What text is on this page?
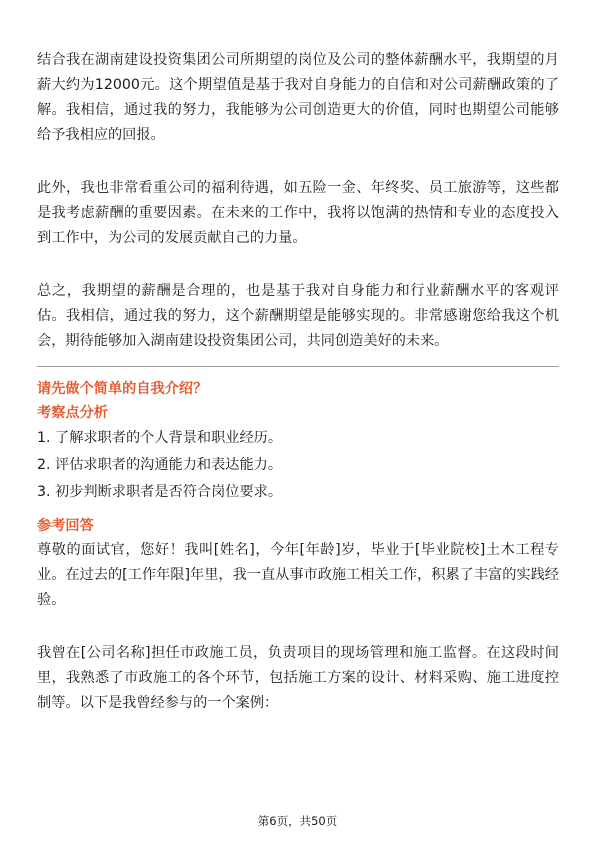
结合我在湖南建设投资集团公司所期望的岗位及公司的整体薪酬水平，我期望的月薪大约为12000元。这个期望值是基于我对自身能力的自信和对公司薪酬政策的了解。我相信，通过我的努力，我能够为公司创造更大的价值，同时也期望公司能够给予我相应的回报。

此外，我也非常看重公司的福利待遇，如五险一金、年终奖、员工旅游等，这些都是我考虑薪酬的重要因素。在未来的工作中，我将以饱满的热情和专业的态度投入到工作中，为公司的发展贡献自己的力量。

总之，我期望的薪酬是合理的，也是基于我对自身能力和行业薪酬水平的客观评估。我相信，通过我的努力，这个薪酬期望是能够实现的。非常感谢您给我这个机会，期待能够加入湖南建设投资集团公司，共同创造美好的未来。

请先做个简单的自我介绍？

考察点分析

1. 了解求职者的个人背景和职业经历。

2. 评估求职者的沟通能力和表达能力。

3. 初步判断求职者是否符合岗位要求。

参考回答

尊敬的面试官，您好！我叫[姓名]，今年[年龄]岁，毕业于[毕业院校]土木工程专业。在过去的[工作年限]年里，我一直从事市政施工相关工作，积累了丰富的实践经验。

我曾在[公司名称]担任市政施工员，负责项目的现场管理和施工监督。在这段时间里，我熟悉了市政施工的各个环节，包括施工方案的设计、材料采购、施工进度控制等。以下是我曾经参与的一个案例：

第6页，共50页
